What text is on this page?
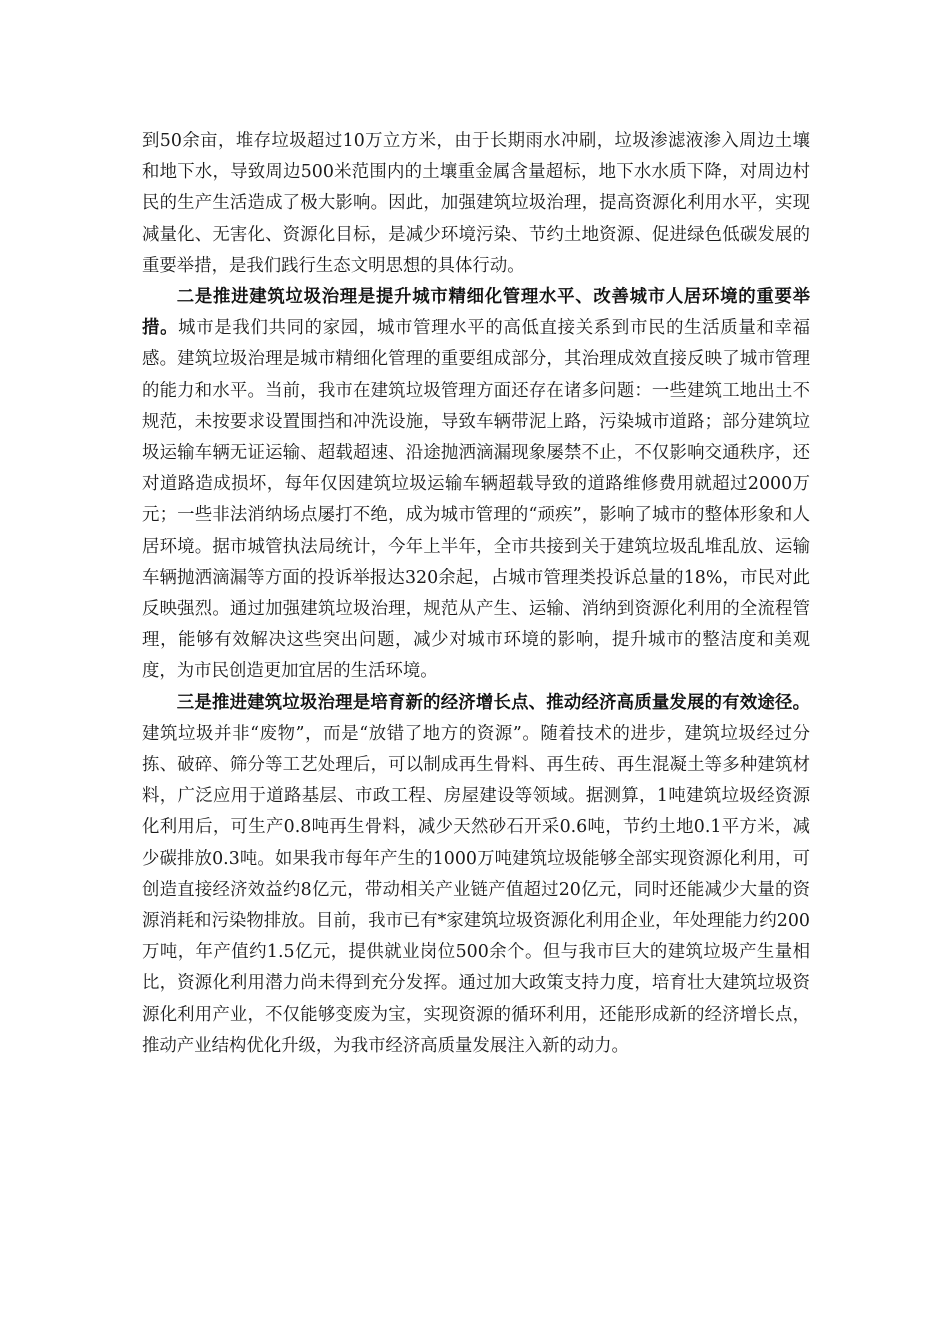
到50余亩，堆存垃圾超过10万立方米，由于长期雨水冲刷，垃圾渗滤液渗入周边土壤和地下水，导致周边500米范围内的土壤重金属含量超标，地下水水质下降，对周边村民的生产生活造成了极大影响。因此，加强建筑垃圾治理，提高资源化利用水平，实现减量化、无害化、资源化目标，是减少环境污染、节约土地资源、促进绿色低碳发展的重要举措，是我们践行生态文明思想的具体行动。

二是推进建筑垃圾治理是提升城市精细化管理水平、改善城市人居环境的重要举措。城市是我们共同的家园，城市管理水平的高低直接关系到市民的生活质量和幸福感。建筑垃圾治理是城市精细化管理的重要组成部分，其治理成效直接反映了城市管理的能力和水平。当前，我市在建筑垃圾管理方面还存在诸多问题：一些建筑工地出土不规范，未按要求设置围挡和冲洗设施，导致车辆带泥上路，污染城市道路；部分建筑垃圾运输车辆无证运输、超载超速、沿途抛洒滴漏现象屡禁不止，不仅影响交通秩序，还对道路造成损坏，每年仅因建筑垃圾运输车辆超载导致的道路维修费用就超过2000万元；一些非法消纳场点屡打不绝，成为城市管理的“顽疾”，影响了城市的整体形象和人居环境。据市城管执法局统计，今年上半年，全市共接到关于建筑垃圾乱堆乱放、运输车辆抛洒滴漏等方面的投诉举报达320余起，占城市管理类投诉总量的18%，市民对此反映强烈。通过加强建筑垃圾治理，规范从产生、运输、消纳到资源化利用的全流程管理，能够有效解决这些突出问题，减少对城市环境的影响，提升城市的整洁度和美观度，为市民创造更加宜居的生活环境。

三是推进建筑垃圾治理是培育新的经济增长点、推动经济高质量发展的有效途径。建筑垃圾并非“废物”，而是“放错了地方的资源”。随着技术的进步，建筑垃圾经过分拣、破碎、筛分等工艺处理后，可以制成再生骨料、再生砖、再生混凝土等多种建筑材料，广泛应用于道路基层、市政工程、房屋建设等领域。据测算，1吨建筑垃圾经资源化利用后，可生产0.8吨再生骨料，减少天然砂石开采0.6吨，节约土地0.1平方米，减少碳排放0.3吨。如果我市每年产生的1000万吨建筑垃圾能够全部实现资源化利用，可创造直接经济效益约8亿元，带动相关产业链产值超过20亿元，同时还能减少大量的资源消耗和污染物排放。目前，我市已有*家建筑垃圾资源化利用企业，年处理能力约200万吨，年产值约1.5亿元，提供就业岗位500余个。但与我市巨大的建筑垃圾产生量相比，资源化利用潜力尚未得到充分发挥。通过加大政策支持力度，培育壮大建筑垃圾资源化利用产业，不仅能够变废为宝，实现资源的循环利用，还能形成新的经济增长点，推动产业结构优化升级，为我市经济高质量发展注入新的动力。
